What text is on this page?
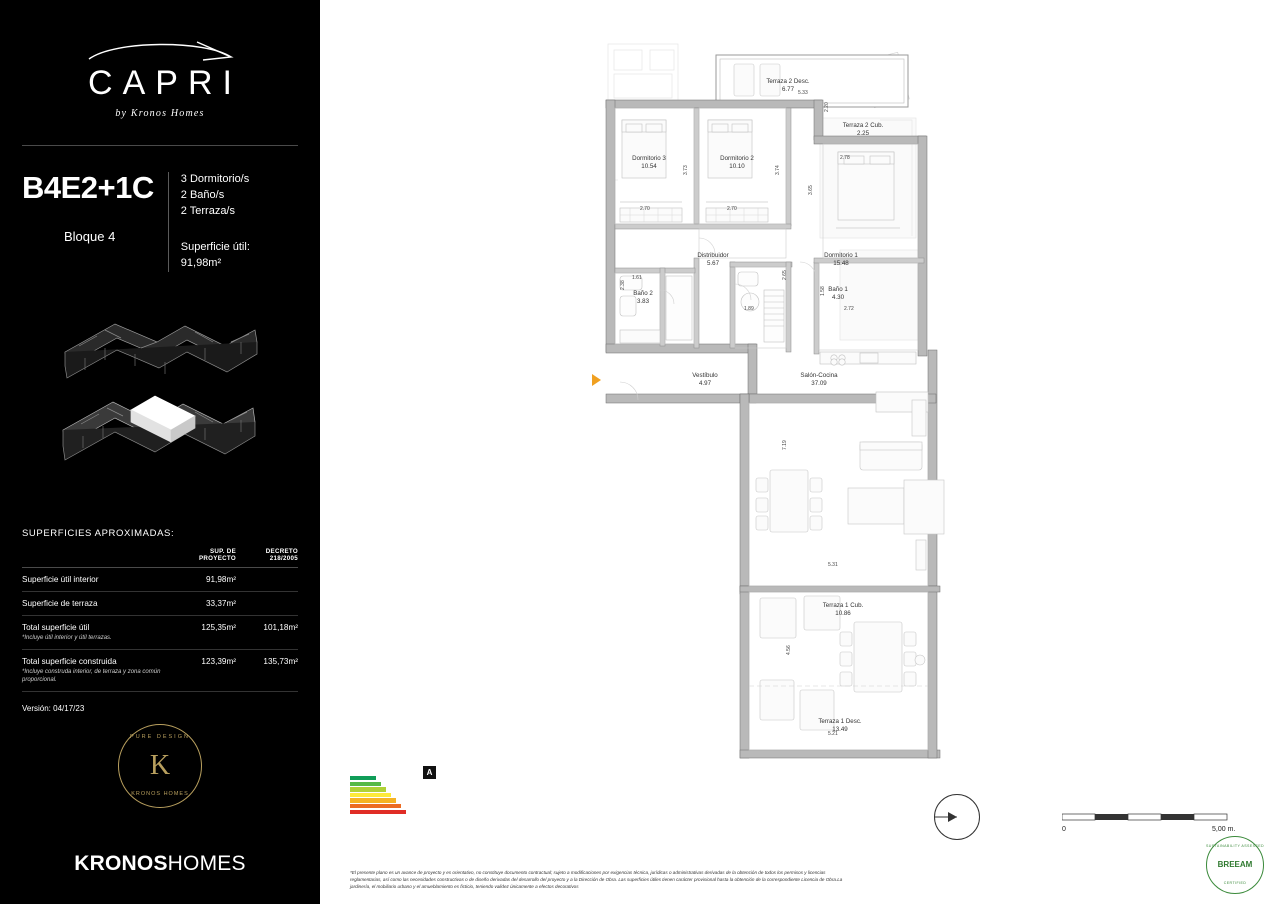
CAPRI
by Kronos Homes
B4E2+1C
Bloque 4
3 Dormitorio/s
2 Baño/s
2 Terraza/s
Superficie útil:
91,98m²
SUPERFICIES APROXIMADAS:
	SUP. DE
PROYECTO	DECRETO
218/2005
Superficie útil interior	91,98m²	
Superficie de terraza	33,37m²	
Total superficie útil
*Incluye útil interior y útil terrazas.	125,35m²	101,18m²
Total superficie construida
*Incluye construda interior, de terraza y zona común proporcional.	123,39m²	135,73m²
Versión: 04/17/23
PURE DESIGN
K
KRONOS HOMES
KRONOSHOMES
Terraza 2 Desc.
6.77
Terraza 2 Cub.
2.25
Dormitorio 3
10.54
Dormitorio 2
10.10
Dormitorio 1
15.48
Distribuidor
5.67
Baño 2
3.83
Baño 1
4.30
Vestíbulo
4.97
Salón-Cocina
37.09
Terraza 1 Cub.
10.86
Terraza 1 Desc.
13.49
5.33
2.20
2.78
3.73	3.74
3.65
2.70	2.70
2.65
1.61
2.38
1.89
1.58
2.72
7.19
5.31
4.56
5.21
A
0	5,00 m.
SUSTAINABILITY ASSESSED
BREEAM
CERTIFIED
*El presente plano es un avance de proyecto y es orientativo, no constituye documento contractual; sujeto a modificaciones por exigencias técnica, jurídicas o administrativas derivadas de la obtención de todos los permisos y licencias
reglamentarias, así como las necesidades constructivas o de diseño derivadas del desarrollo del proyecto y a la Dirección de Obra. Las superficies útiles tienen carácter provisional hasta la obtención de la correspondiente Licencia de Obra.La
jardinería, el mobiliario urbano y el amueblamiento es ficticio, teniendo validez únicamente a efectos decorativos
